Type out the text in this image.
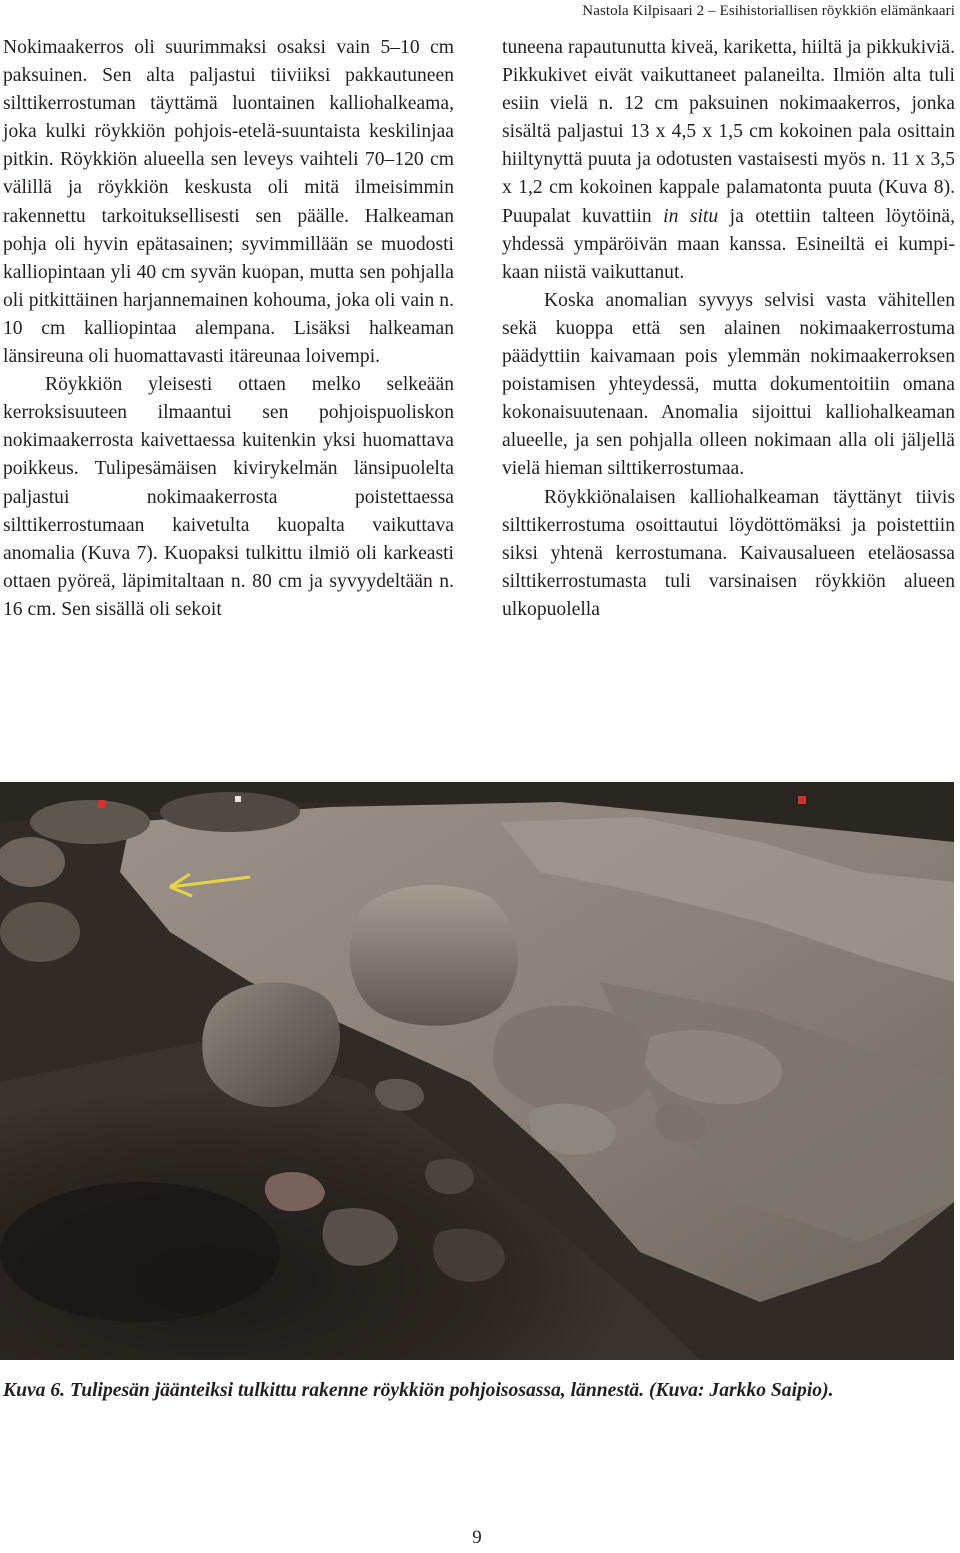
Nastola Kilpisaari 2 – Esihistoriallisen röykkiön elämänkaari

Nokimaakerros oli suurimmaksi osaksi vain 5–10 cm paksuinen. Sen alta paljastui tiiviiksi pakkautuneen silttikerrostuman täyttämä luontainen kalliohalkeama, joka kulki röykkiön pohjois-etelä-suuntaista keskilinjaa pitkin. Röykkiön alueella sen leveys vaihteli 70–120 cm välillä ja röykkiön keskusta oli mitä ilmeisimmin rakennettu tarkoituksellisesti sen päälle. Halkeaman pohja oli hyvin epätasainen; syvimmillään se muodosti kalliopintaan yli 40 cm syvän kuopan, mutta sen pohjalla oli pitkittäinen harjannemainen kohouma, joka oli vain n. 10 cm kalliopintaa alempana. Lisäksi halkeaman länsireuna oli huomattavasti itäreunaa loivempi.

Röykkiön yleisesti ottaen melko selkeään kerroksisuuteen ilmaantui sen pohjoispuoliskon nokimaakerrosta kaivettaessa kuitenkin yksi huomattava poikkeus. Tulipesämäisen kivirykelmän länsipuolelta paljastui nokimaakerrosta poistettaessa silttikerrostumaan kaivetulta kuopalta vaikuttava anomalia (Kuva 7). Kuopaksi tulkittu ilmiö oli karkeasti ottaen pyöreä, läpimitaltaan n. 80 cm ja syvyydeltään n. 16 cm. Sen sisällä oli sekoit

tuneena rapautunutta kiveä, kariketta, hiiltä ja pikkukiviä. Pikkukivet eivät vaikuttaneet palaneilta. Ilmiön alta tuli esiin vielä n. 12 cm paksuinen nokimaakerros, jonka sisältä paljastui 13 x 4,5 x 1,5 cm kokoinen pala osittain hiiltynyttä puuta ja odotusten vastaisesti myös n. 11 x 3,5 x 1,2 cm kokoinen kappale palamatonta puuta (Kuva 8). Puupalat kuvattiin in situ ja otettiin talteen löytöinä, yhdessä ympäröivän maan kanssa. Esineiltä ei kumpikaan niistä vaikuttanut.

Koska anomalian syvyys selvisi vasta vähitellen sekä kuoppa että sen alainen nokimaakerrostuma päädyttiin kaivamaan pois ylemmän nokimaakerroksen poistamisen yhteydessä, mutta dokumentoitiin omana kokonaisuutenaan. Anomalia sijoittui kalliohalkeaman alueelle, ja sen pohjalla olleen nokimaan alla oli jäljellä vielä hieman silttikerrostumaa.

Röykkiönalaisen kalliohalkeaman täyttänyt tiivis silttikerrostuma osoittautui löydöttömäksi ja poistettiin siksi yhtenä kerrostumana. Kaivausalueen eteläosassa silttikerrostumasta tuli varsinaisen röykkiön alueen ulkopuolella

Kuva 6. Tulipesän jäänteiksi tulkittu rakenne röykkiön pohjoisosassa, lännestä. (Kuva: Jarkko Saipio).
9
